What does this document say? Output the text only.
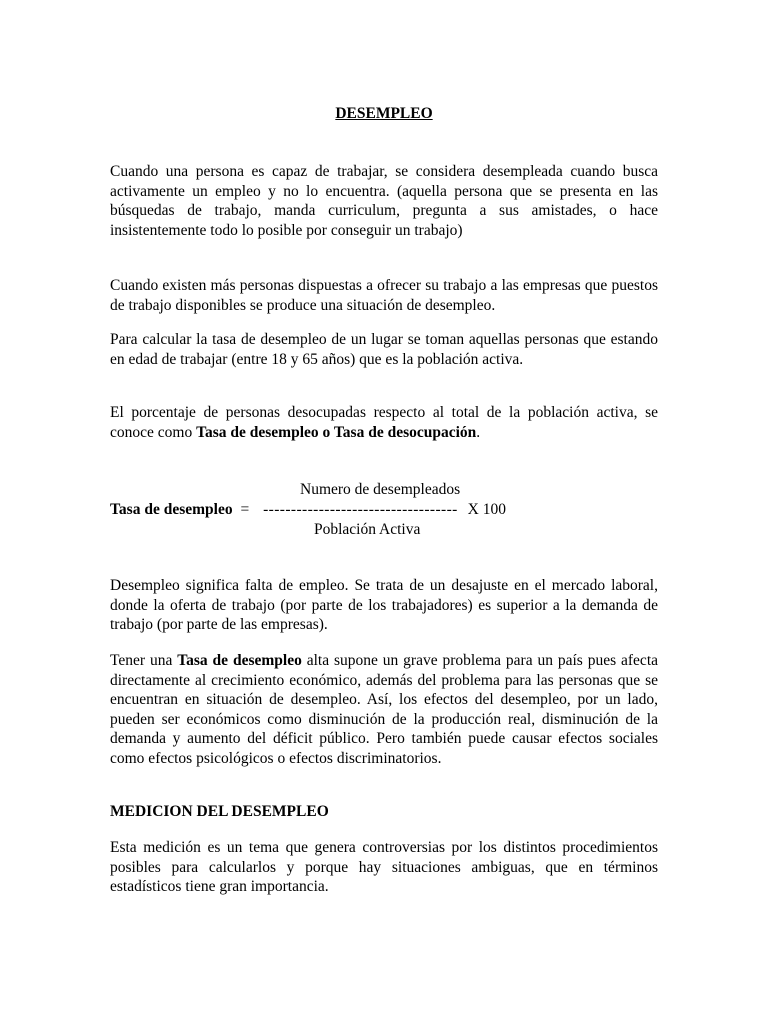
DESEMPLEO

Cuando una persona es capaz de trabajar, se considera desempleada cuando busca activamente un empleo y no lo encuentra. (aquella persona que se presenta en las búsquedas de trabajo, manda curriculum, pregunta a sus amistades, o hace insistentemente todo lo posible por conseguir un trabajo)

Cuando existen más personas dispuestas a ofrecer su trabajo a las empresas que puestos de trabajo disponibles se produce una situación de desempleo.

Para calcular la tasa de desempleo de un lugar se toman aquellas personas que estando en edad de trabajar (entre 18 y 65 años) que es la población activa.

El porcentaje de personas desocupadas respecto al total de la población activa, se conoce como Tasa de desempleo o Tasa de desocupación.

Numero de desempleados
Tasa de desempleo = ----------------------------------- X 100
Población Activa

Desempleo significa falta de empleo. Se trata de un desajuste en el mercado laboral, donde la oferta de trabajo (por parte de los trabajadores) es superior a la demanda de trabajo (por parte de las empresas).

Tener una Tasa de desempleo alta supone un grave problema para un país pues afecta directamente al crecimiento económico, además del problema para las personas que se encuentran en situación de desempleo. Así, los efectos del desempleo, por un lado, pueden ser económicos como disminución de la producción real, disminución de la demanda y aumento del déficit público. Pero también puede causar efectos sociales como efectos psicológicos o efectos discriminatorios.

MEDICION DEL DESEMPLEO

Esta medición es un tema que genera controversias por los distintos procedimientos posibles para calcularlos y porque hay situaciones ambiguas, que en términos estadísticos tiene gran importancia.
